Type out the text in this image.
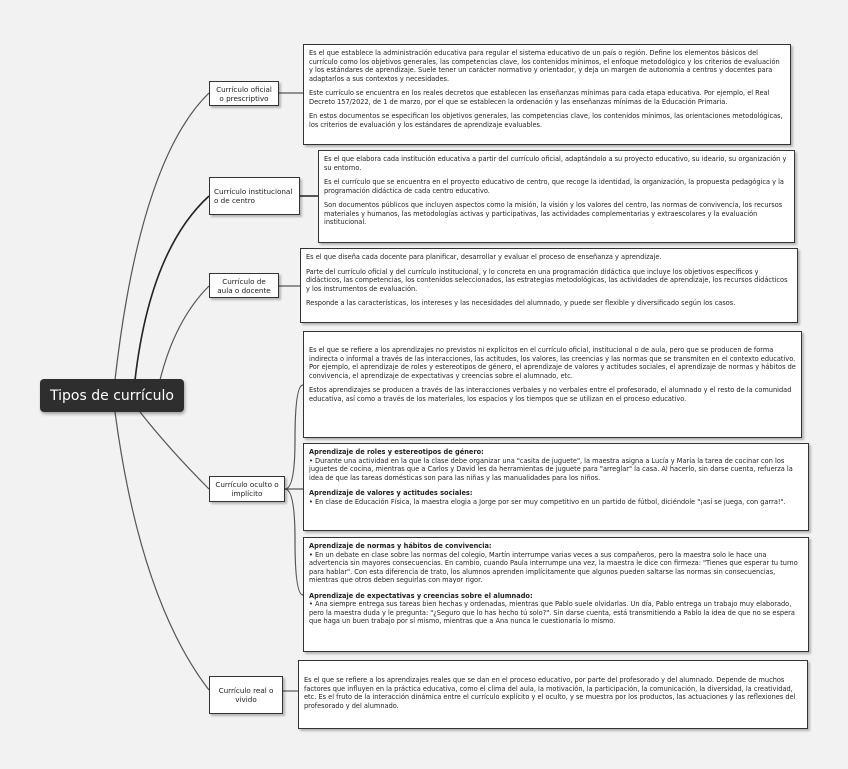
Tipos de currículo
Currículo oficial o prescriptivo
Currículo institucional o de centro
Currículo de aula o docente
Currículo oculto o implícito
Currículo real o vivido

Es el que establece la administración educativa para regular el sistema educativo de un país o región. Define los elementos básicos del currículo como los objetivos generales, las competencias clave, los contenidos mínimos, el enfoque metodológico y los criterios de evaluación y los estándares de aprendizaje. Suele tener un carácter normativo y orientador, y deja un margen de autonomía a centros y docentes para adaptarlos a sus contextos y necesidades.

Este currículo se encuentra en los reales decretos que establecen las enseñanzas mínimas para cada etapa educativa. Por ejemplo, el Real Decreto 157/2022, de 1 de marzo, por el que se establecen la ordenación y las enseñanzas mínimas de la Educación Primaria.

En estos documentos se especifican los objetivos generales, las competencias clave, los contenidos mínimos, las orientaciones metodológicas, los criterios de evaluación y los estándares de aprendizaje evaluables.

Es el que elabora cada institución educativa a partir del currículo oficial, adaptándolo a su proyecto educativo, su ideario, su organización y su entorno.

Es el currículo que se encuentra en el proyecto educativo de centro, que recoge la identidad, la organización, la propuesta pedagógica y la programación didáctica de cada centro educativo.

Son documentos públicos que incluyen aspectos como la misión, la visión y los valores del centro, las normas de convivencia, los recursos materiales y humanos, las metodologías activas y participativas, las actividades complementarias y extraescolares y la evaluación institucional.

Es el que diseña cada docente para planificar, desarrollar y evaluar el proceso de enseñanza y aprendizaje.

Parte del currículo oficial y del currículo institucional, y lo concreta en una programación didáctica que incluye los objetivos específicos y didácticos, las competencias, los contenidos seleccionados, las estrategias metodológicas, las actividades de aprendizaje, los recursos didácticos y los instrumentos de evaluación.

Responde a las características, los intereses y las necesidades del alumnado, y puede ser flexible y diversificado según los casos.

Es el que se refiere a los aprendizajes no previstos ni explícitos en el currículo oficial, institucional o de aula, pero que se producen de forma indirecta o informal a través de las interacciones, las actitudes, los valores, las creencias y las normas que se transmiten en el contexto educativo.
Por ejemplo, el aprendizaje de roles y estereotipos de género, el aprendizaje de valores y actitudes sociales, el aprendizaje de normas y hábitos de convivencia, el aprendizaje de expectativas y creencias sobre el alumnado, etc.

Estos aprendizajes se producen a través de las interacciones verbales y no verbales entre el profesorado, el alumnado y el resto de la comunidad educativa, así como a través de los materiales, los espacios y los tiempos que se utilizan en el proceso educativo.

Aprendizaje de roles y estereotipos de género:
• Durante una actividad en la que la clase debe organizar una "casita de juguete", la maestra asigna a Lucía y María la tarea de cocinar con los juguetes de cocina, mientras que a Carlos y David les da herramientas de juguete para "arreglar" la casa. Al hacerlo, sin darse cuenta, refuerza la idea de que las tareas domésticas son para las niñas y las manualidades para los niños.
Aprendizaje de valores y actitudes sociales:
• En clase de Educación Física, la maestra elogia a Jorge por ser muy competitivo en un partido de fútbol, diciéndole "¡así se juega, con garra!".
Aprendizaje de normas y hábitos de convivencia:
• En un debate en clase sobre las normas del colegio, Martín interrumpe varias veces a sus compañeros, pero la maestra solo le hace una advertencia sin mayores consecuencias. En cambio, cuando Paula interrumpe una vez, la maestra le dice con firmeza: "Tienes que esperar tu turno para hablar". Con esta diferencia de trato, los alumnos aprenden implícitamente que algunos pueden saltarse las normas sin consecuencias, mientras que otros deben seguirlas con mayor rigor.
Aprendizaje de expectativas y creencias sobre el alumnado:
• Ana siempre entrega sus tareas bien hechas y ordenadas, mientras que Pablo suele olvidarlas. Un día, Pablo entrega un trabajo muy elaborado, pero la maestra duda y le pregunta: "¿Seguro que lo has hecho tú solo?". Sin darse cuenta, está transmitiendo a Pablo la idea de que no se espera que haga un buen trabajo por sí mismo, mientras que a Ana nunca le cuestionaría lo mismo.

Es el que se refiere a los aprendizajes reales que se dan en el proceso educativo, por parte del profesorado y del alumnado. Depende de muchos factores que influyen en la práctica educativa, como el clima del aula, la motivación, la participación, la comunicación, la diversidad, la creatividad, etc. Es el fruto de la interacción dinámica entre el currículo explícito y el oculto, y se muestra por los productos, las actuaciones y las reflexiones del profesorado y del alumnado.
